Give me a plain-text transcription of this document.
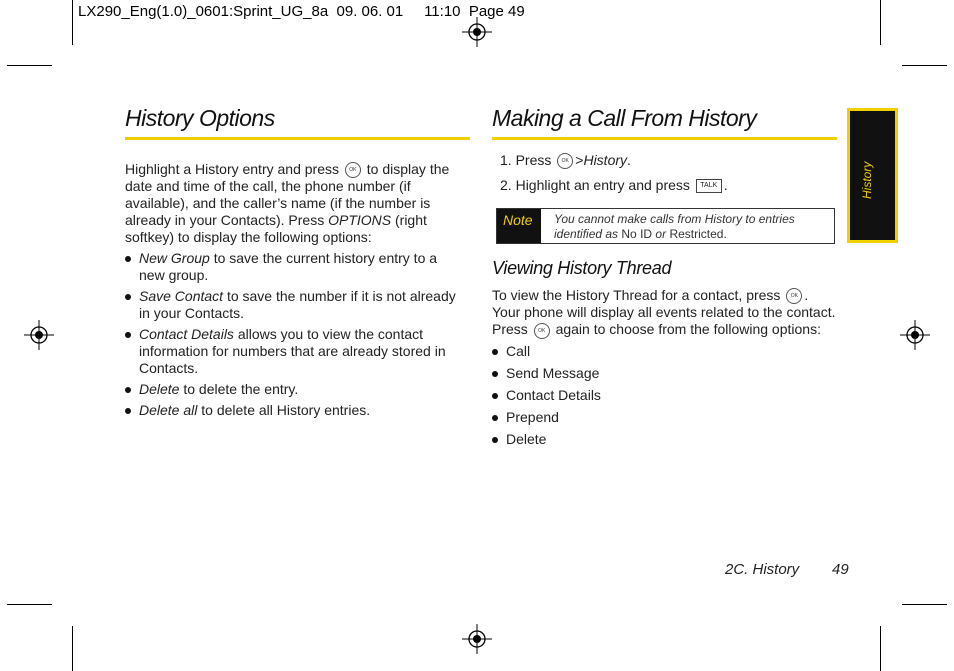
LX290_Eng(1.0)_0601:Sprint_UG_8a  09. 06. 01     11:10  Page 49
History Options
Highlight a History entry and press OK to display the date and time of the call, the phone number (if available), and the caller’s name (if the number is already in your Contacts). Press OPTIONS (right softkey) to display the following options:
New Group to save the current history entry to a new group.
Save Contact to save the number if it is not already in your Contacts.
Contact Details allows you to view the contact information for numbers that are already stored in Contacts.
Delete to delete the entry.
Delete all to delete all History entries.
Making a Call From History
1. Press OK >History.
2. Highlight an entry and press TALK .
Note	You cannot make calls from History to entries identified as No ID or Restricted.
Viewing History Thread
To view the History Thread for a contact, press OK . Your phone will display all events related to the contact. Press OK again to choose from the following options:
Call
Send Message
Contact Details
Prepend
Delete
History
2C. History 49
